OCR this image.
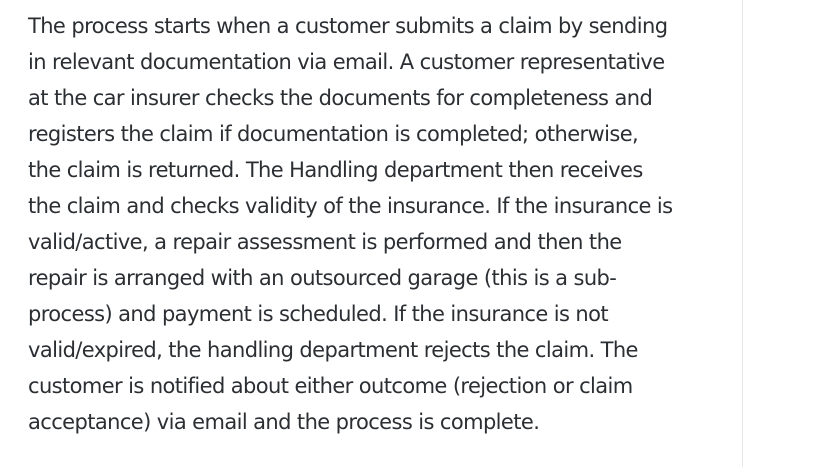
The process starts when a customer submits a claim by sending
in relevant documentation via email. A customer representative
at the car insurer checks the documents for completeness and
registers the claim if documentation is completed; otherwise,
the claim is returned. The Handling department then receives
the claim and checks validity of the insurance. If the insurance is
valid/active, a repair assessment is performed and then the
repair is arranged with an outsourced garage (this is a sub-
process) and payment is scheduled. If the insurance is not
valid/expired, the handling department rejects the claim. The
customer is notified about either outcome (rejection or claim
acceptance) via email and the process is complete.
